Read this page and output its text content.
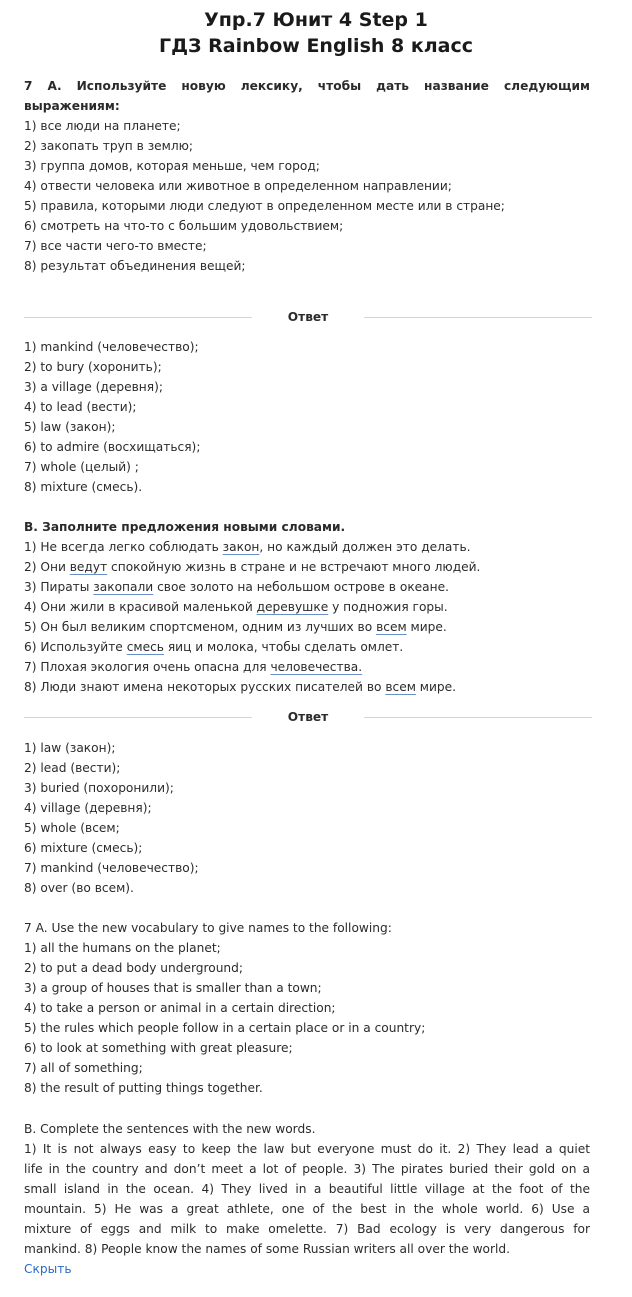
Упр.7 Юнит 4 Step 1
ГДЗ Rainbow English 8 класс
7 А. Используйте новую лексику, чтобы дать название следующим
выражениям:
1) все люди на планете;
2) закопать труп в землю;
3) группа домов, которая меньше, чем город;
4) отвести человека или животное в определенном направлении;
5) правила, которыми люди следуют в определенном месте или в стране;
6) смотреть на что-то с большим удовольствием;
7) все части чего-то вместе;
8) результат объединения вещей;
Ответ
1) mankind (человечество);
2) to bury (хоронить);
3) a village (деревня);
4) to lead (вести);
5) law (закон);
6) to admire (восхищаться);
7) whole (целый) ;
8) mixture (смесь).
В. Заполните предложения новыми словами.
1) Не всегда легко соблюдать закон, но каждый должен это делать.
2) Они ведут спокойную жизнь в стране и не встречают много людей.
3) Пираты закопали свое золото на небольшом острове в океане.
4) Они жили в красивой маленькой деревушке у подножия горы.
5) Он был великим спортсменом, одним из лучших во всем мире.
6) Используйте смесь яиц и молока, чтобы сделать омлет.
7) Плохая экология очень опасна для человечества.
8) Люди знают имена некоторых русских писателей во всем мире.
Ответ
1) law (закон);
2) lead (вести);
3) buried (похоронили);
4) village (деревня);
5) whole (всем;
6) mixture (смесь);
7) mankind (человечество);
8) over (во всем).
7 A. Use the new vocabulary to give names to the following:
1) all the humans on the planet;
2) to put a dead body underground;
3) a group of houses that is smaller than a town;
4) to take a person or animal in a certain direction;
5) the rules which people follow in a certain place or in a country;
6) to look at something with great pleasure;
7) all of something;
8) the result of putting things together.
B. Complete the sentences with the new words.
1) It is not always easy to keep the law but everyone must do it. 2) They lead a quiet
life in the country and don’t meet a lot of people. 3) The pirates buried their gold on a
small island in the ocean. 4) They lived in a beautiful little village at the foot of the
mountain. 5) He was a great athlete, one of the best in the whole world. 6) Use a
mixture of eggs and milk to make omelette. 7) Bad ecology is very dangerous for
mankind. 8) People know the names of some Russian writers all over the world.
Скрыть
